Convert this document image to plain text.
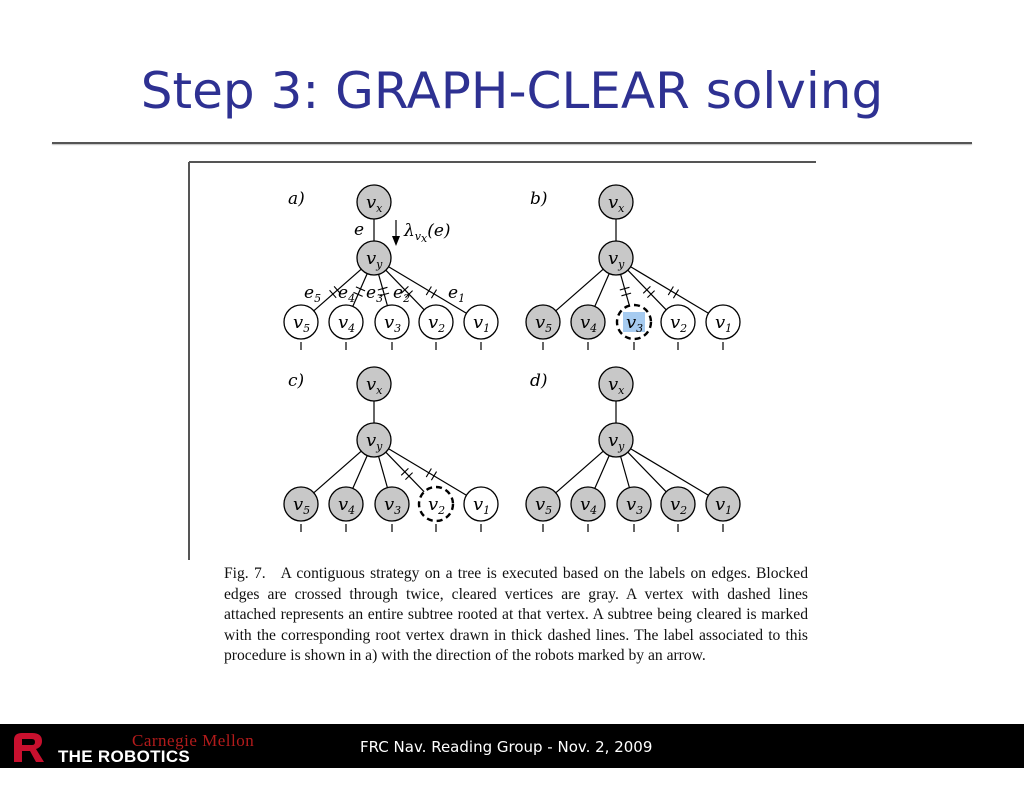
Step 3: GRAPH-CLEAR solving
a)	$v_x$
$v_y$
$v_5$ $v_4$ $v_3$ $v_2$ $v_1$
e $\lambda_vx(e)$
$e_5$ $e_4$ $e_3$ $e_2$ $e_1$
b)	$v_x$
$v_y$
$v_5$ $v_4$ $v_3$ $v_2$ $v_1$
c)	$v_x$
$v_y$
$v_5$ $v_4$ $v_3$ $v_2$ $v_1$
d)	$v_x$
$v_y$
$v_5$ $v_4$ $v_3$ $v_2$ $v_1$
Fig. 7. A contiguous strategy on a tree is executed based on the labels on edges. Blocked edges are crossed through twice, cleared vertices are gray. A vertex with dashed lines attached represents an entire subtree rooted at that vertex. A subtree being cleared is marked with the corresponding root vertex drawn in thick dashed lines. The label associated to this procedure is shown in a) with the direction of the robots marked by an arrow.
Carnegie Mellon
THE ROBOTICS INSTITUTE
FRC Nav. Reading Group - Nov. 2, 2009
